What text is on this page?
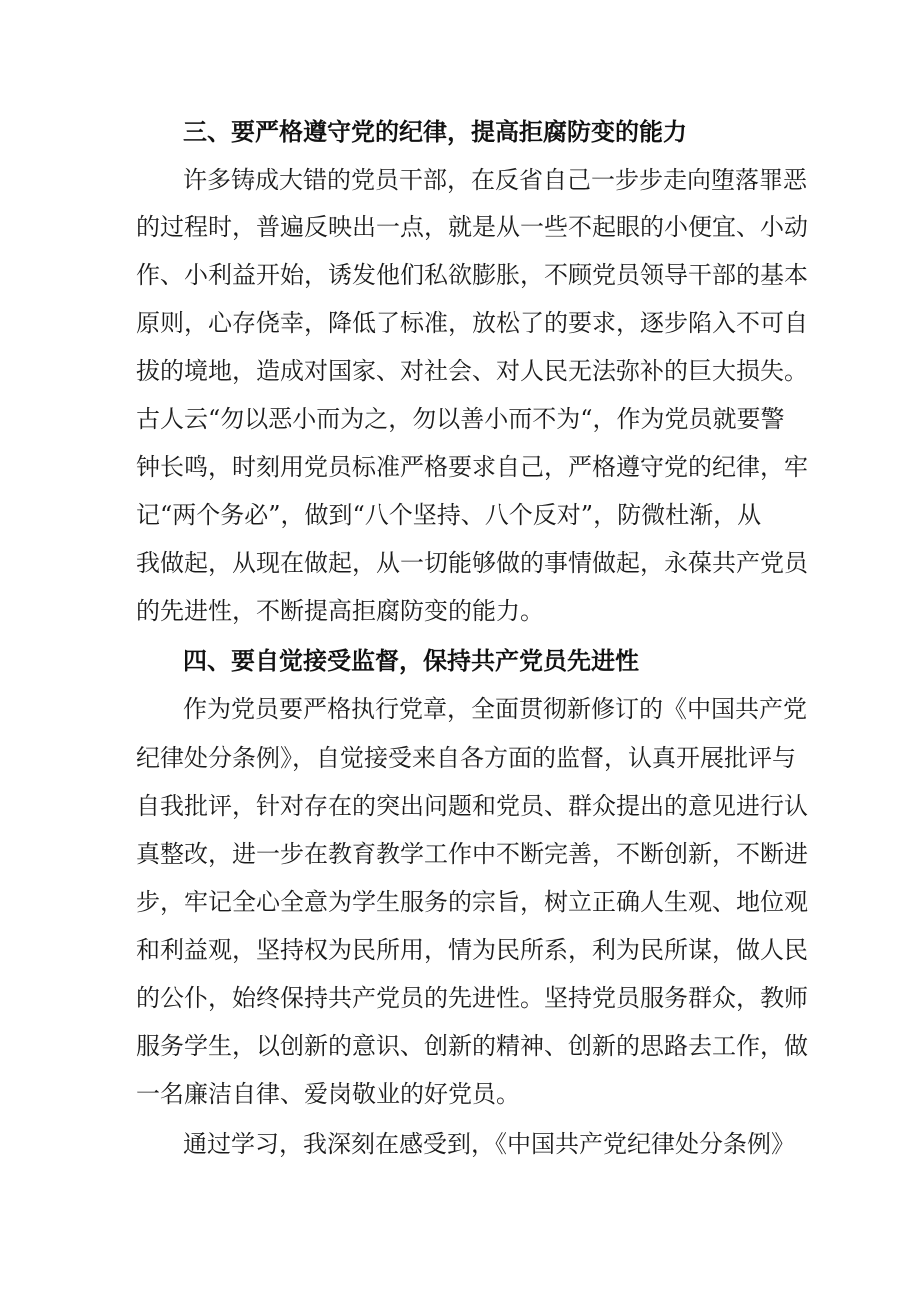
三、要严格遵守党的纪律，提高拒腐防变的能力
许多铸成大错的党员干部，在反省自己一步步走向堕落罪恶
的过程时，普遍反映出一点，就是从一些不起眼的小便宜、小动
作、小利益开始，诱发他们私欲膨胀，不顾党员领导干部的基本
原则，心存侥幸，降低了标准，放松了的要求，逐步陷入不可自
拔的境地，造成对国家、对社会、对人民无法弥补的巨大损失。
古人云“勿以恶小而为之，勿以善小而不为“，作为党员就要警
钟长鸣，时刻用党员标准严格要求自己，严格遵守党的纪律，牢
记“两个务必”，做到“八个坚持、八个反对”，防微杜渐，从
我做起，从现在做起，从一切能够做的事情做起，永葆共产党员
的先进性，不断提高拒腐防变的能力。
四、要自觉接受监督，保持共产党员先进性
作为党员要严格执行党章，全面贯彻新修订的《中国共产党
纪律处分条例》，自觉接受来自各方面的监督，认真开展批评与
自我批评，针对存在的突出问题和党员、群众提出的意见进行认
真整改，进一步在教育教学工作中不断完善，不断创新，不断进
步，牢记全心全意为学生服务的宗旨，树立正确人生观、地位观
和利益观，坚持权为民所用，情为民所系，利为民所谋，做人民
的公仆，始终保持共产党员的先进性。坚持党员服务群众，教师
服务学生，以创新的意识、创新的精神、创新的思路去工作，做
一名廉洁自律、爱岗敬业的好党员。
通过学习，我深刻在感受到，《中国共产党纪律处分条例》
